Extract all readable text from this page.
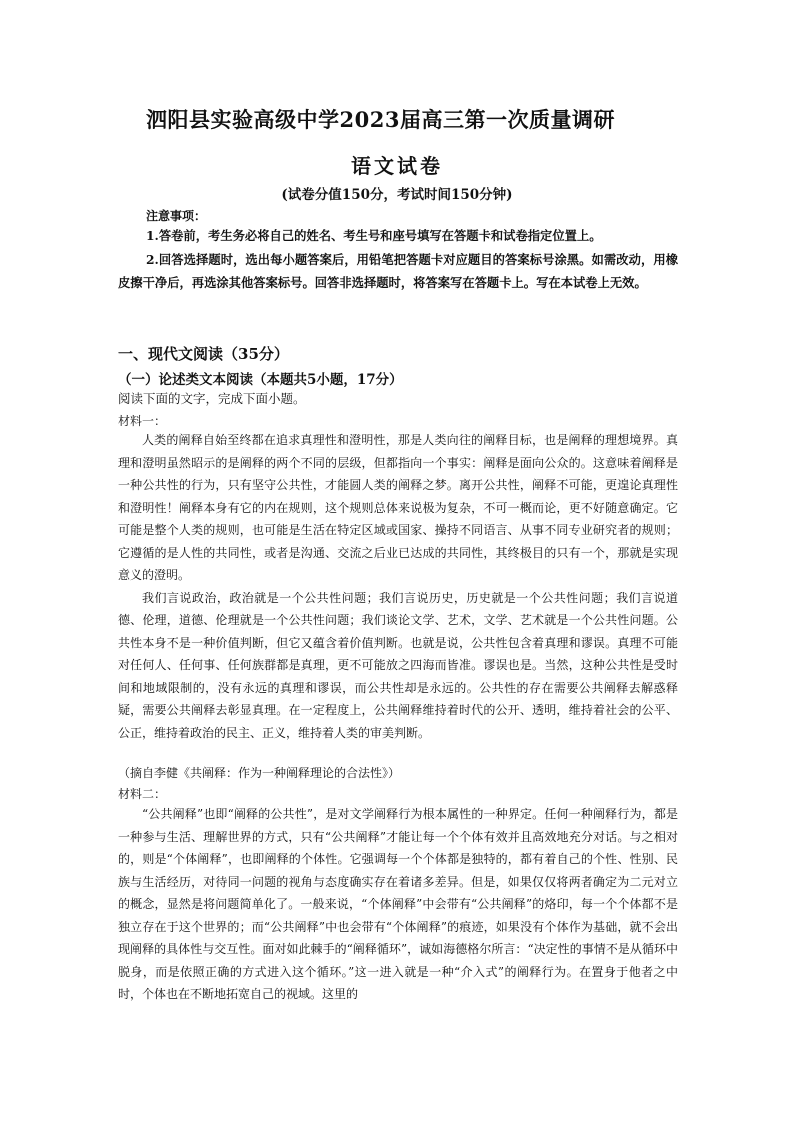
泗阳县实验高级中学2023届高三第一次质量调研
语文试卷
(试卷分值150分，考试时间150分钟)
注意事项：

1.答卷前，考生务必将自己的姓名、考生号和座号填写在答题卡和试卷指定位置上。

2.回答选择题时，选出每小题答案后，用铅笔把答题卡对应题目的答案标号涂黑。如需改动，用橡皮擦干净后，再选涂其他答案标号。回答非选择题时，将答案写在答题卡上。写在本试卷上无效。

一、现代文阅读（35分）
（一）论述类文本阅读（本题共5小题，17分）
阅读下面的文字，完成下面小题。
材料一：

人类的阐释自始至终都在追求真理性和澄明性，那是人类向往的阐释目标，也是阐释的理想境界。真理和澄明虽然昭示的是阐释的两个不同的层级，但都指向一个事实：阐释是面向公众的。这意味着阐释是一种公共性的行为，只有坚守公共性，才能圆人类的阐释之梦。离开公共性，阐释不可能，更遑论真理性和澄明性！阐释本身有它的内在规则，这个规则总体来说极为复杂，不可一概而论，更不好随意确定。它可能是整个人类的规则，也可能是生活在特定区域或国家、操持不同语言、从事不同专业研究者的规则；它遵循的是人性的共同性，或者是沟通、交流之后业已达成的共同性，其终极目的只有一个，那就是实现意义的澄明。

我们言说政治，政治就是一个公共性问题；我们言说历史，历史就是一个公共性问题；我们言说道德、伦理，道德、伦理就是一个公共性问题；我们谈论文学、艺术，文学、艺术就是一个公共性问题。公共性本身不是一种价值判断，但它又蕴含着价值判断。也就是说，公共性包含着真理和谬误。真理不可能对任何人、任何事、任何族群都是真理，更不可能放之四海而皆准。谬误也是。当然，这种公共性是受时间和地域限制的，没有永远的真理和谬误，而公共性却是永远的。公共性的存在需要公共阐释去解惑释疑，需要公共阐释去彰显真理。在一定程度上，公共阐释维持着时代的公开、透明，维持着社会的公平、公正，维持着政治的民主、正义，维持着人类的审美判断。

（摘自李健《共阐释：作为一种阐释理论的合法性》）
材料二：

“公共阐释”也即“阐释的公共性”，是对文学阐释行为根本属性的一种界定。任何一种阐释行为，都是一种参与生活、理解世界的方式，只有“公共阐释”才能让每一个个体有效并且高效地充分对话。与之相对的，则是“个体阐释”，也即阐释的个体性。它强调每一个个体都是独特的，都有着自己的个性、性别、民族与生活经历，对待同一问题的视角与态度确实存在着诸多差异。但是，如果仅仅将两者确定为二元对立的概念，显然是将问题简单化了。一般来说，“个体阐释”中会带有“公共阐释”的烙印，每一个个体都不是独立存在于这个世界的；而“公共阐释”中也会带有“个体阐释”的痕迹，如果没有个体作为基础，就不会出现阐释的具体性与交互性。面对如此棘手的“阐释循环”，诚如海德格尔所言：“决定性的事情不是从循环中脱身，而是依照正确的方式进入这个循环。”这一进入就是一种“介入式”的阐释行为。在置身于他者之中时，个体也在不断地拓宽自己的视域。这里的
